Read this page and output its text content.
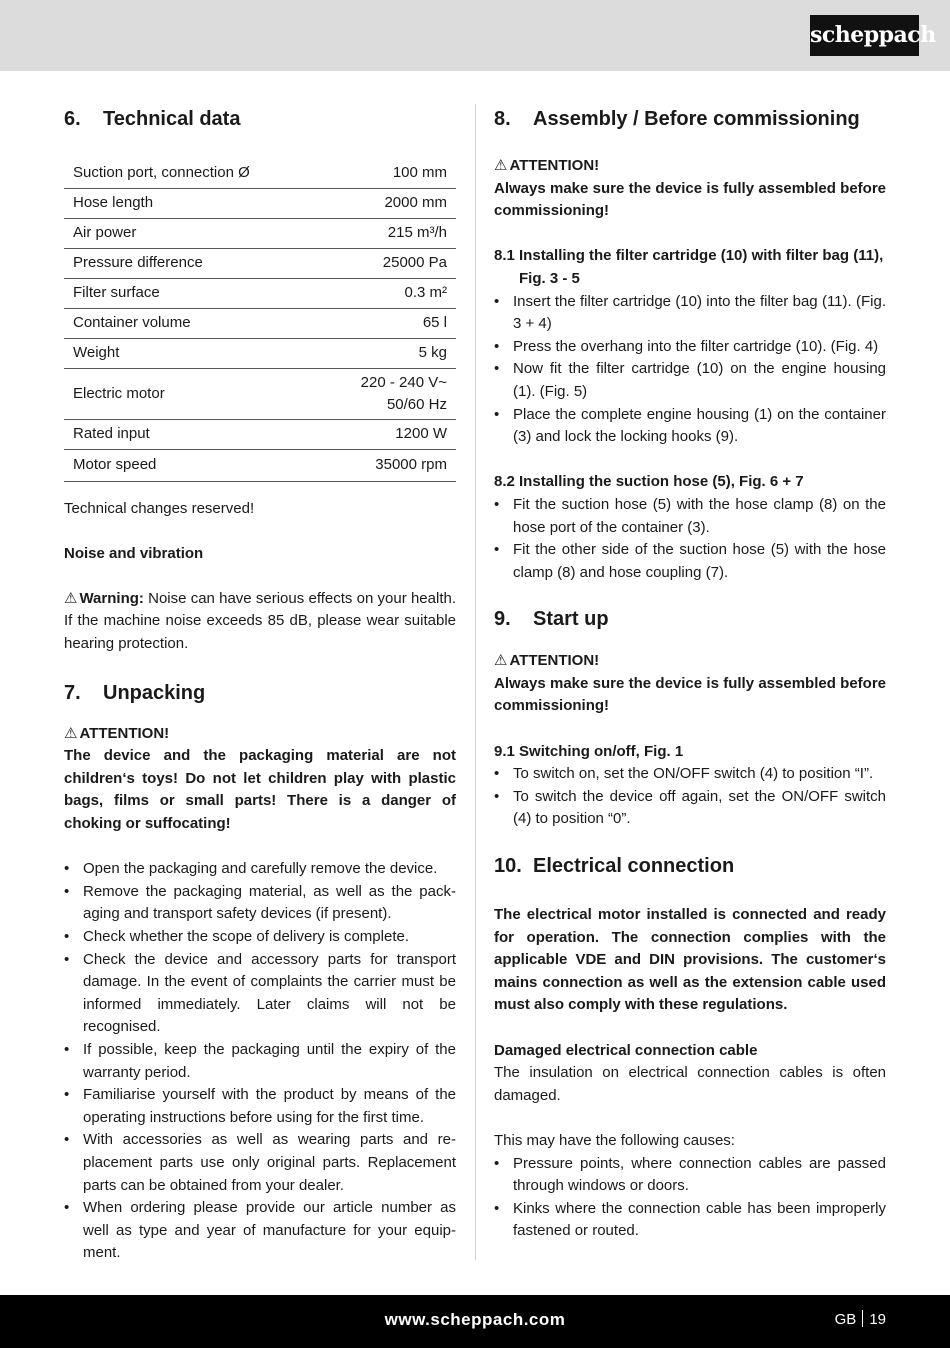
scheppach
6.	Technical data
Suction port, connection Ø	100 mm
Hose length	2000 mm
Air power	215 m³/h
Pressure difference	25000 Pa
Filter surface	0.3 m²
Container volume	65 l
Weight	5 kg
Electric motor	220 - 240 V~
50/60 Hz
Rated input	1200 W
Motor speed	35000 rpm

Technical changes reserved!

Noise and vibration

⚠ Warning: Noise can have serious effects on your health. If the machine noise exceeds 85 dB, please wear suitable hearing protection.

7.	Unpacking

⚠ ATTENTION!

The device and the packaging material are not children‘s toys! Do not let children play with plastic bags, films or small parts! There is a danger of choking or suffocating!

• Open the packaging and carefully remove the device.
• Remove the packaging material, as well as the packaging and transport safety devices (if present).
• Check whether the scope of delivery is complete.
• Check the device and accessory parts for transport damage. In the event of complaints the carrier must be informed immediately. Later claims will not be recognised.
• If possible, keep the packaging until the expiry of the warranty period.
• Familiarise yourself with the product by means of the operating instructions before using for the first time.
• With accessories as well as wearing parts and replacement parts use only original parts. Replacement parts can be obtained from your dealer.
• When ordering please provide our article number as well as type and year of manufacture for your equipment.
8.	Assembly / Before commissioning

⚠ ATTENTION!

Always make sure the device is fully assembled before commissioning!

8.1 Installing the filter cartridge (10) with filter bag (11), Fig. 3 - 5

• Insert the filter cartridge (10) into the filter bag (11). (Fig. 3 + 4)
• Press the overhang into the filter cartridge (10). (Fig. 4)
• Now fit the filter cartridge (10) on the engine housing (1). (Fig. 5)
• Place the complete engine housing (1) on the container (3) and lock the locking hooks (9).

8.2 Installing the suction hose (5), Fig. 6 + 7

• Fit the suction hose (5) with the hose clamp (8) on the hose port of the container (3).
• Fit the other side of the suction hose (5) with the hose clamp (8) and hose coupling (7).
9.	Start up

⚠ ATTENTION!

Always make sure the device is fully assembled before commissioning!

9.1 Switching on/off, Fig. 1

• To switch on, set the ON/OFF switch (4) to position “I”.
• To switch the device off again, set the ON/OFF switch (4) to position “0”.
10. Electrical connection

The electrical motor installed is connected and ready for operation. The connection complies with the applicable VDE and DIN provisions. The customer‘s mains connection as well as the extension cable used must also comply with these regulations.

Damaged electrical connection cable

The insulation on electrical connection cables is often damaged.

This may have the following causes:

• Pressure points, where connection cables are passed through windows or doors.
• Kinks where the connection cable has been improperly fastened or routed.
www.scheppach.com	GB 19
